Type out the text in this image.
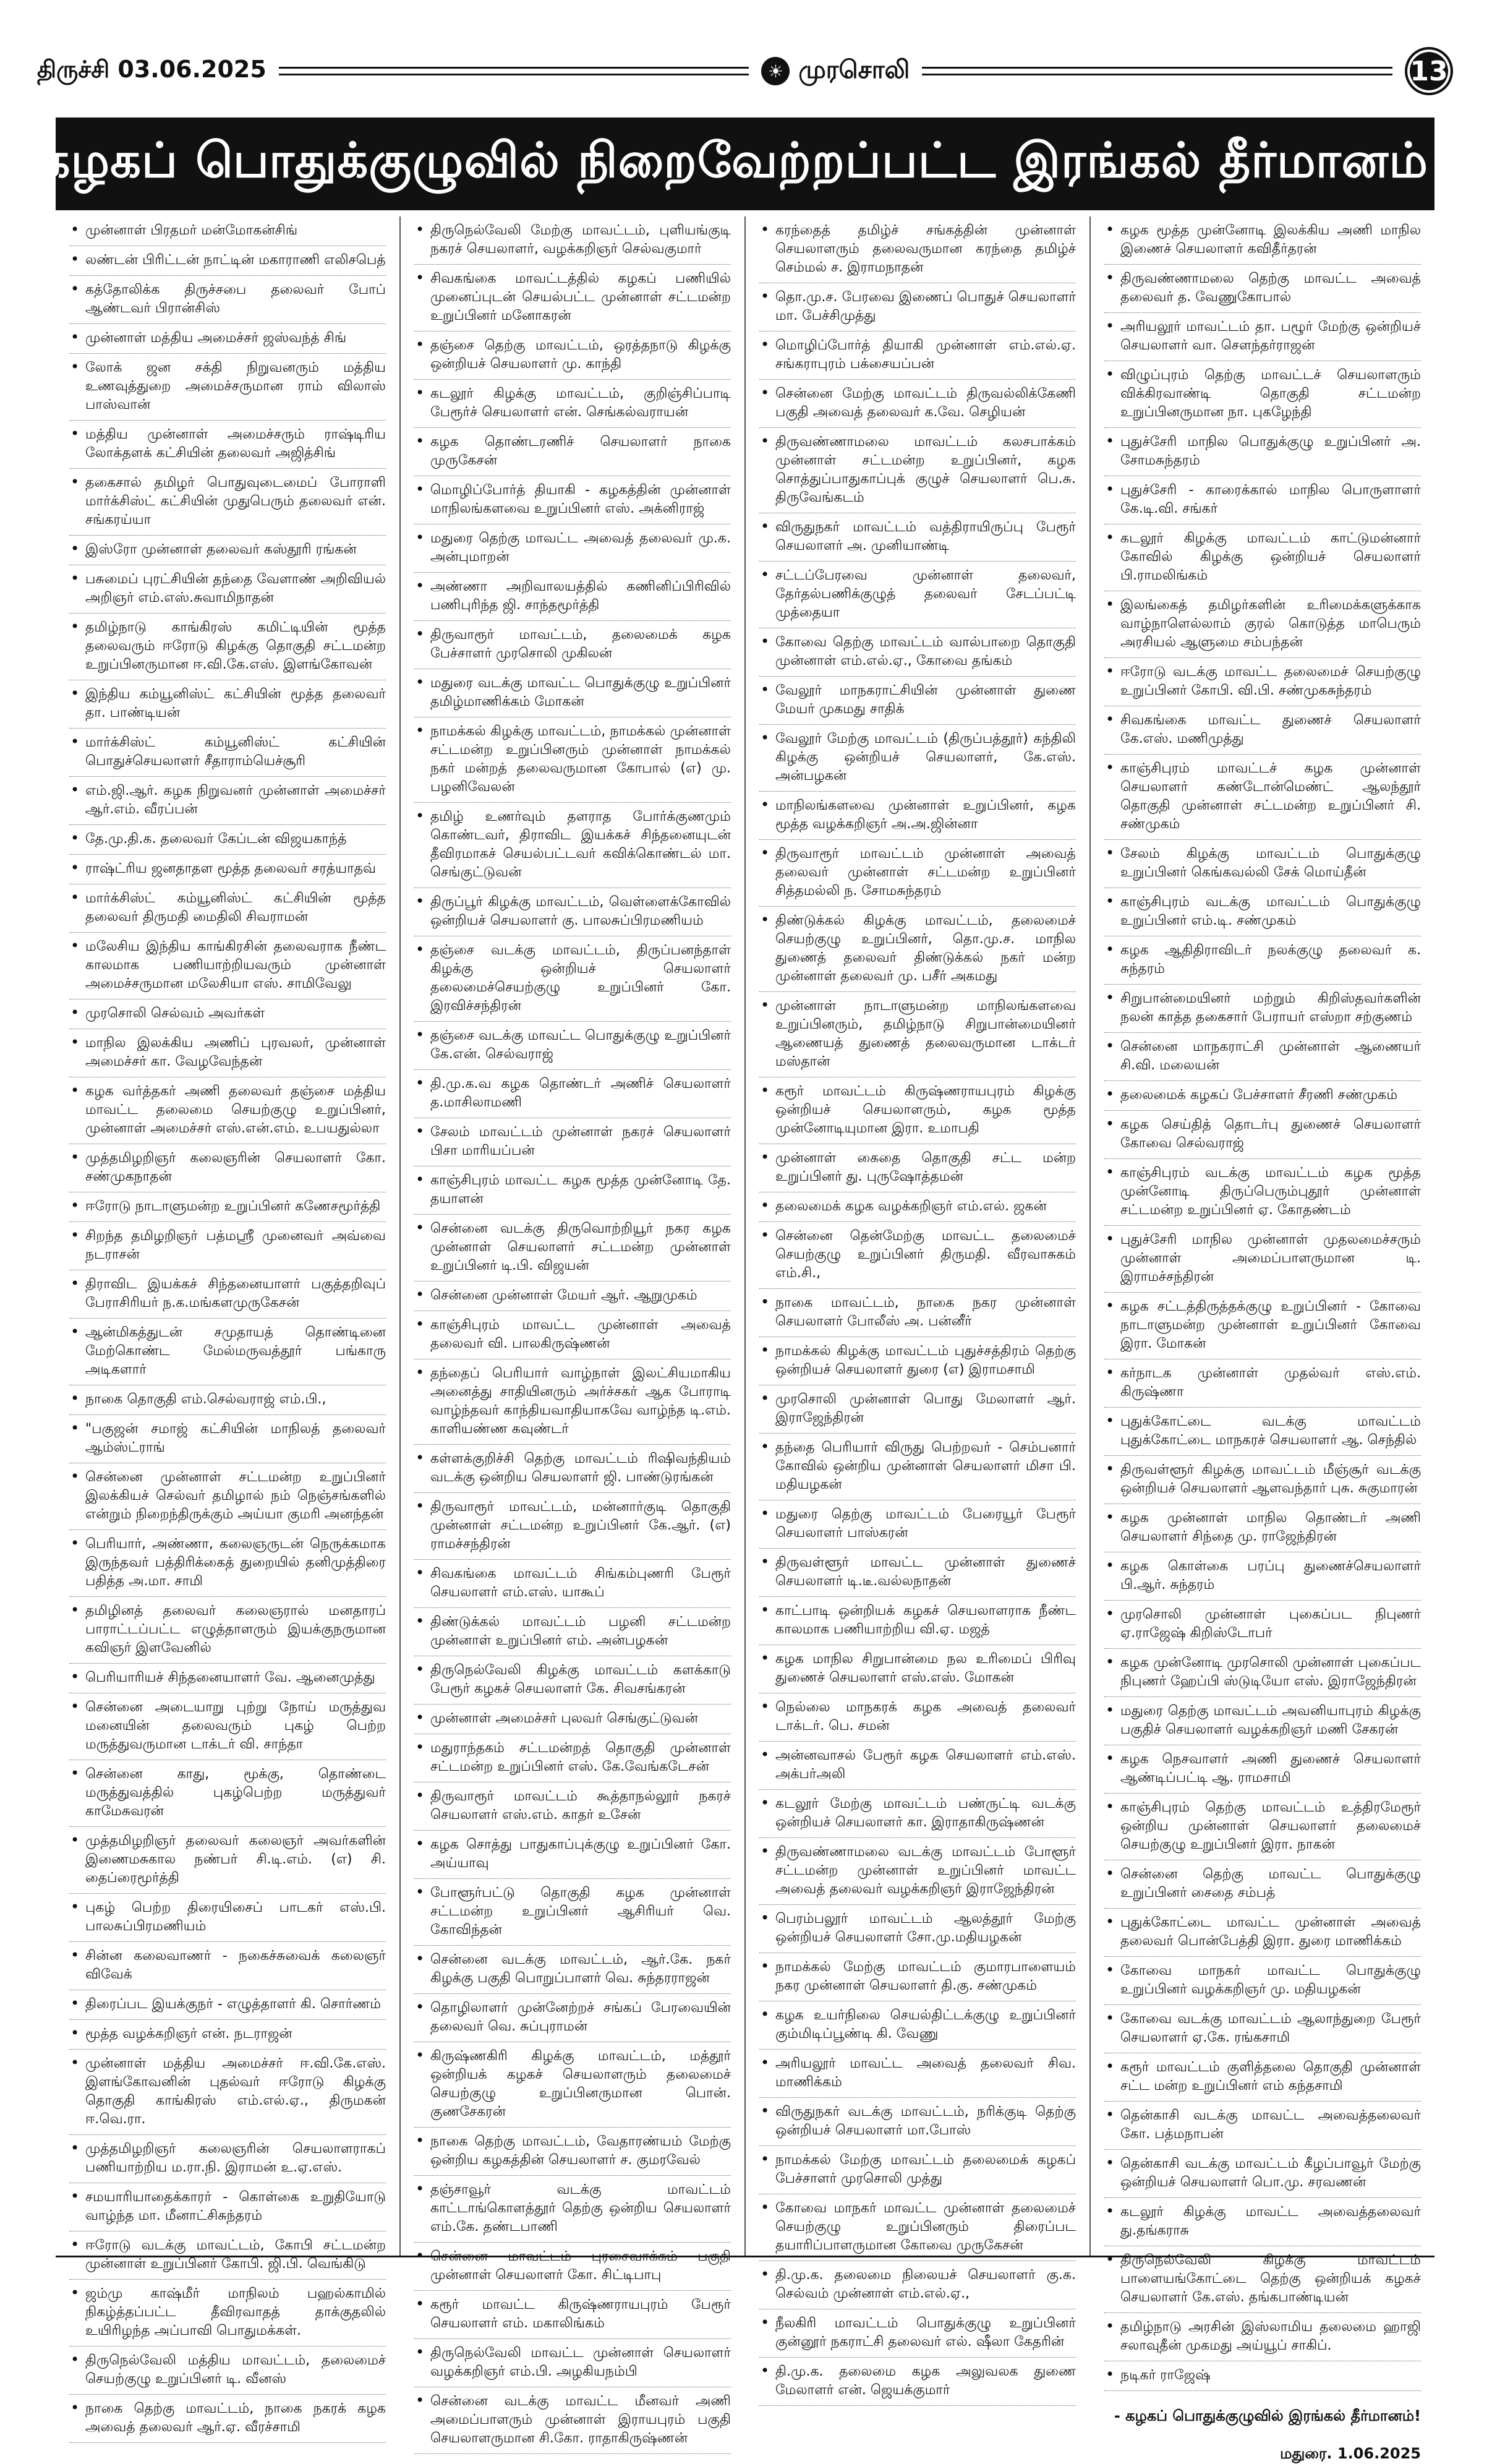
திருச்சி 03.06.2025	☀ முரசொலி	13
கழகப் பொதுக்குழுவில் நிறைவேற்றப்பட்ட இரங்கல் தீர்மானம்!
• முன்னாள் பிரதமர் மன்மோகன்சிங்
• லண்டன் பிரிட்டன் நாட்டின் மகாராணி எலிசபெத்
• கத்தோலிக்க திருச்சபை தலைவர் போப் ஆண்டவர் பிரான்சிஸ்
• முன்னாள் மத்திய அமைச்சர் ஜஸ்வந்த் சிங்
• லோக் ஜன சக்தி நிறுவனரும் மத்திய உணவுத்துறை அமைச்சருமான ராம் விலாஸ் பாஸ்வான்
• மத்திய முன்னாள் அமைச்சரும் ராஷ்டிரிய லோக்தளக் கட்சியின் தலைவர் அஜித்சிங்
• தகைசால் தமிழர் பொதுவுடைமைப் போராளி மார்க்சிஸ்ட் கட்சியின் முதுபெரும் தலைவர் என். சங்கரய்யா
• இஸ்ரோ முன்னாள் தலைவர் கஸ்தூரி ரங்கன்
• பசுமைப் புரட்சியின் தந்தை வேளாண் அறிவியல் அறிஞர் எம்.எஸ்.சுவாமிநாதன்
• தமிழ்நாடு காங்கிரஸ் கமிட்டியின் மூத்த தலைவரும் ஈரோடு கிழக்கு தொகுதி சட்டமன்ற உறுப்பினருமான ஈ.வி.கே.எஸ். இளங்கோவன்
• இந்திய கம்யூனிஸ்ட் கட்சியின் மூத்த தலைவர் தா. பாண்டியன்
• மார்க்சிஸ்ட் கம்யூனிஸ்ட் கட்சியின் பொதுச்செயலாளர் சீதாராம்யெச்சூரி
• எம்.ஜி.ஆர். கழக நிறுவனர் முன்னாள் அமைச்சர் ஆர்.எம். வீரப்பன்
• தே.மு.தி.க. தலைவர் கேப்டன் விஜயகாந்த்
• ராஷ்ட்ரிய ஜனதாதள மூத்த தலைவர் சரத்யாதவ்
• மார்க்சிஸ்ட் கம்யூனிஸ்ட் கட்சியின் மூத்த தலைவர் திருமதி மைதிலி சிவராமன்
• மலேசிய இந்திய காங்கிரசின் தலைவராக நீண்ட காலமாக பணியாற்றியவரும் முன்னாள் அமைச்சருமான மலேசியா எஸ். சாமிவேலு
• முரசொலி செல்வம் அவர்கள்
• மாநில இலக்கிய அணிப் புரவலர், முன்னாள் அமைச்சர் கா. வேழவேந்தன்
• கழக வர்த்தகர் அணி தலைவர் தஞ்சை மத்திய மாவட்ட தலைமை செயற்குழு உறுப்பினர், முன்னாள் அமைச்சர் எஸ்.என்.எம். உபயதுல்லா
• முத்தமிழறிஞர் கலைஞரின் செயலாளர் கோ. சண்முகநாதன்
• ஈரோடு நாடாளுமன்ற உறுப்பினர் கணேசமூர்த்தி
• சிறந்த தமிழறிஞர் பத்மஸ்ரீ முனைவர் அவ்வை நடராசன்
• திராவிட இயக்கச் சிந்தனையாளர் பகுத்தறிவுப் பேராசிரியர் ந.க.மங்களமுருகேசன்
• ஆன்மிகத்துடன் சமுதாயத் தொண்டினை மேற்கொண்ட மேல்மருவத்தூர் பங்காரு அடிகளார்
• நாகை தொகுதி எம்.செல்வராஜ் எம்.பி.,
• "பகுஜன் சமாஜ் கட்சியின் மாநிலத் தலைவர் ஆம்ஸ்ட்ராங்
• சென்னை முன்னாள் சட்டமன்ற உறுப்பினர் இலக்கியச் செல்வர் தமிழால் நம் நெஞ்சங்களில் என்றும் நிறைந்திருக்கும் அய்யா குமரி அனந்தன்
• பெரியார், அண்ணா, கலைஞருடன் நெருக்கமாக இருந்தவர் பத்திரிக்கைத் துறையில் தனிமுத்திரை பதித்த அ.மா. சாமி
• தமிழினத் தலைவர் கலைஞரால் மனதாரப் பாராட்டப்பட்ட எழுத்தாளரும் இயக்குநருமான கவிஞர் இளவேனில்
• பெரியாரியச் சிந்தனையாளர் வே. ஆனைமுத்து
• சென்னை அடையாறு புற்று நோய் மருத்துவ மனையின் தலைவரும் புகழ் பெற்ற மருத்துவருமான டாக்டர் வி. சாந்தா
• சென்னை காது, மூக்கு, தொண்டை மருத்துவத்தில் புகழ்பெற்ற மருத்துவர் காமேசுவரன்
• முத்தமிழறிஞர் தலைவர் கலைஞர் அவர்களின் இணைமசுகால நண்பர் சி.டி.எம். (எ) சி. தைப்ரைமூர்த்தி
• புகழ் பெற்ற திரையிசைப் பாடகர் எஸ்.பி. பாலசுப்பிரமணியம்
• சின்ன கலைவாணர் - நகைச்சுவைக் கலைஞர் விவேக்
• திரைப்பட இயக்குநர் - எழுத்தாளர் கி. சொர்ணம்
• மூத்த வழக்கறிஞர் என். நடராஜன்
• முன்னாள் மத்திய அமைச்சர் ஈ.வி.கே.எஸ். இளங்கோவனின் புதல்வர் ஈரோடு கிழக்கு தொகுதி காங்கிரஸ் எம்.எல்.ஏ., திருமகன் ஈ.வெ.ரா.
• முத்தமிழறிஞர் கலைஞரின் செயலாளராகப் பணியாற்றிய ம.ரா.நி. இராமன் உ.ஏ.எஸ்.
• சமயாரியாதைக்காரர் - கொள்கை உறுதியோடு வாழ்ந்த மா. மீனாட்சிசுந்தரம்
• ஈரோடு வடக்கு மாவட்டம், கோபி சட்டமன்ற முன்னாள் உறுப்பினர் கோபி. ஜி.பி. வெங்கிடு
• ஜம்மு காஷ்மீர் மாநிலம் பஹல்காமில் நிகழ்த்தப்பட்ட தீவிரவாதத் தாக்குதலில் உயிரிழந்த அப்பாவி பொதுமக்கள்.
• திருநெல்வேலி மத்திய மாவட்டம், தலைமைச் செயற்குழு உறுப்பினர் டி. வீனஸ்
• நாகை தெற்கு மாவட்டம், நாகை நகரக் கழக அவைத் தலைவர் ஆர்.ஏ. வீரச்சாமி
• திருநெல்வேலி மேற்கு மாவட்டம், புளியங்குடி நகரச் செயலாளர், வழக்கறிஞர் செல்வகுமார்
• சிவகங்கை மாவட்டத்தில் கழகப் பணியில் முனைப்புடன் செயல்பட்ட முன்னாள் சட்டமன்ற உறுப்பினர் மனோகரன்
• தஞ்சை தெற்கு மாவட்டம், ஒரத்தநாடு கிழக்கு ஒன்றியச் செயலாளர் மு. காந்தி
• கடலூர் கிழக்கு மாவட்டம், குறிஞ்சிப்பாடி பேரூர்ச் செயலாளர் என். செங்கல்வராயன்
• கழக தொண்டரணிச் செயலாளர் நாகை முருகேசன்
• மொழிப்போர்த் தியாகி - கழகத்தின் முன்னாள் மாநிலங்களவை உறுப்பினர் எஸ். அக்னிராஜ்
• மதுரை தெற்கு மாவட்ட அவைத் தலைவர் மு.க. அன்புமாறன்
• அண்ணா அறிவாலயத்தில் கணினிப்பிரிவில் பணிபுரிந்த ஜி. சாந்தமூர்த்தி
• திருவாரூர் மாவட்டம், தலைமைக் கழக பேச்சாளர் முரசொலி முகிலன்
• மதுரை வடக்கு மாவட்ட பொதுக்குழு உறுப்பினர் தமிழ்மாணிக்கம் மோகன்
• நாமக்கல் கிழக்கு மாவட்டம், நாமக்கல் முன்னாள் சட்டமன்ற உறுப்பினரும் முன்னாள் நாமக்கல் நகர் மன்றத் தலைவருமான கோபால் (எ) மு. பழனிவேலன்
• தமிழ் உணர்வும் தளராத போர்க்குணமும் கொண்டவர், திராவிட இயக்கச் சிந்தனையுடன் தீவிரமாகச் செயல்பட்டவர் கவிக்கொண்டல் மா. செங்குட்டுவன்
• திருப்பூர் கிழக்கு மாவட்டம், வெள்ளைக்கோவில் ஒன்றியச் செயலாளர் கு. பாலசுப்பிரமணியம்
• தஞ்சை வடக்கு மாவட்டம், திருப்பனந்தாள் கிழக்கு ஒன்றியச் செயலாளர் தலைமைச்செயற்குழு உறுப்பினர் கோ. இரவிச்சந்திரன்
• தஞ்சை வடக்கு மாவட்ட பொதுக்குழு உறுப்பினர் கே.என். செல்வராஜ்
• தி.மு.க.வ கழக தொண்டர் அணிச் செயலாளர் த.மாசிலாமணி
• சேலம் மாவட்டம் முன்னாள் நகரச் செயலாளர் பிசா மாரியப்பன்
• காஞ்சிபுரம் மாவட்ட கழக மூத்த முன்னோடி தே. தயாளன்
• சென்னை வடக்கு திருவொற்றியூர் நகர கழக முன்னாள் செயலாளர் சட்டமன்ற முன்னாள் உறுப்பினர் டி.பி. விஜயன்
• சென்னை முன்னாள் மேயர் ஆர். ஆறுமுகம்
• காஞ்சிபுரம் மாவட்ட முன்னாள் அவைத் தலைவர் வி. பாலகிருஷ்ணன்
• தந்தைப் பெரியார் வாழ்நாள் இலட்சியமாகிய அனைத்து சாதியினரும் அர்ச்சகர் ஆக போராடி வாழ்ந்தவர் காந்தியவாதியாகவே வாழ்ந்த டி.எம். காளியண்ண கவுண்டர்
• கள்ளக்குறிச்சி தெற்கு மாவட்டம் ரிஷிவந்தியம் வடக்கு ஒன்றிய செயலாளர் ஜி. பாண்டுரங்கன்
• திருவாரூர் மாவட்டம், மன்னார்குடி தொகுதி முன்னாள் சட்டமன்ற உறுப்பினர் கே.ஆர். (எ) ராமச்சந்திரன்
• சிவகங்கை மாவட்டம் சிங்கம்புணரி பேரூர் செயலாளர் எம்.எஸ். யாகூப்
• திண்டுக்கல் மாவட்டம் பழனி சட்டமன்ற முன்னாள் உறுப்பினர் எம். அன்பழகன்
• திருநெல்வேலி கிழக்கு மாவட்டம் களக்காடு பேரூர் கழகச் செயலாளர் கே. சிவசங்கரன்
• முன்னாள் அமைச்சர் புலவர் செங்குட்டுவன்
• மதுராந்தகம் சட்டமன்றத் தொகுதி முன்னாள் சட்டமன்ற உறுப்பினர் எஸ். கே.வேங்கடேசன்
• திருவாரூர் மாவட்டம் கூத்தாநல்லூர் நகரச் செயலாளர் எஸ்.எம். காதர் உசேன்
• கழக சொத்து பாதுகாப்புக்குழு உறுப்பினர் கோ. அய்யாவு
• போளூர்பட்டு தொகுதி கழக முன்னாள் சட்டமன்ற உறுப்பினர் ஆசிரியர் வெ. கோவிந்தன்
• சென்னை வடக்கு மாவட்டம், ஆர்.கே. நகர் கிழக்கு பகுதி பொறுப்பாளர் வெ. சுந்தரராஜன்
• தொழிலாளர் முன்னேற்றச் சங்கப் பேரவையின் தலைவர் வெ. சுப்புராமன்
• கிருஷ்ணகிரி கிழக்கு மாவட்டம், மத்தூர் ஒன்றியக் கழகச் செயலாளரும் தலைமைச் செயற்குழு உறுப்பினருமான பொன். குணசேகரன்
• நாகை தெற்கு மாவட்டம், வேதாரண்யம் மேற்கு ஒன்றிய கழகத்தின் செயலாளர் ச. குமரவேல்
• தஞ்சாவூர் வடக்கு மாவட்டம் காட்டாங்கொளத்தூர் தெற்கு ஒன்றிய செயலாளர் எம்.கே. தண்டபாணி
• சென்னை மாவட்டம் புரசைவாக்கம் பகுதி முன்னாள் செயலாளர் கோ. சிட்டிபாபு
• கரூர் மாவட்ட கிருஷ்ணராயபுரம் பேரூர் செயலாளர் எம். மகாலிங்கம்
• திருநெல்வேலி மாவட்ட முன்னாள் செயலாளர் வழக்கறிஞர் எம்.பி. அழகியநம்பி
• சென்னை வடக்கு மாவட்ட மீனவர் அணி அமைப்பாளரும் முன்னாள் இராயபுரம் பகுதி செயலாளருமான சி.கோ. ராதாகிருஷ்ணன்
• கரந்தைத் தமிழ்ச் சங்கத்தின் முன்னாள் செயலாளரும் தலைவருமான கரந்தை தமிழ்ச் செம்மல் ச. இராமநாதன்
• தொ.மு.ச. பேரவை இணைப் பொதுச் செயலாளர் மா. பேச்சிமுத்து
• மொழிப்போர்த் தியாகி முன்னாள் எம்.எல்.ஏ. சங்கராபுரம் பக்சையப்பன்
• சென்னை மேற்கு மாவட்டம் திருவல்லிக்கேணி பகுதி அவைத் தலைவர் க.வே. செழியன்
• திருவண்ணாமலை மாவட்டம் கலசபாக்கம் முன்னாள் சட்டமன்ற உறுப்பினர், கழக சொத்துப்பாதுகாப்புக் குழுச் செயலாளர் பெ.சு. திருவேங்கடம்
• விருதுநகர் மாவட்டம் வத்திராயிருப்பு பேரூர் செயலாளர் அ. முனியாண்டி
• சட்டப்பேரவை முன்னாள் தலைவர், தேர்தல்பணிக்குழுத் தலைவர் சேடப்பட்டி முத்தையா
• கோவை தெற்கு மாவட்டம் வால்பாறை தொகுதி முன்னாள் எம்.எல்.ஏ., கோவை தங்கம்
• வேலூர் மாநகராட்சியின் முன்னாள் துணை மேயர் முகமது சாதிக்
• வேலூர் மேற்கு மாவட்டம் (திருப்பத்தூர்) கந்திலி கிழக்கு ஒன்றியச் செயலாளர், கே.எஸ். அன்பழகன்
• மாநிலங்களவை முன்னாள் உறுப்பினர், கழக மூத்த வழக்கறிஞர் அ.அ.ஜின்னா
• திருவாரூர் மாவட்டம் முன்னாள் அவைத் தலைவர் முன்னாள் சட்டமன்ற உறுப்பினர் சித்தமல்லி ந. சோமசுந்தரம்
• திண்டுக்கல் கிழக்கு மாவட்டம், தலைமைச் செயற்குழு உறுப்பினர், தொ.மு.ச. மாநில துணைத் தலைவர் திண்டுக்கல் நகர் மன்ற முன்னாள் தலைவர் மு. பசீர் அகமது
• முன்னாள் நாடாளுமன்ற மாநிலங்களவை உறுப்பினரும், தமிழ்நாடு சிறுபான்மையினர் ஆணையத் துணைத் தலைவருமான டாக்டர் மஸ்தான்
• கரூர் மாவட்டம் கிருஷ்ணராயபுரம் கிழக்கு ஒன்றியச் செயலாளரும், கழக மூத்த முன்னோடியுமான இரா. உமாபதி
• முன்னாள் கைதை தொகுதி சட்ட மன்ற உறுப்பினர் து. புருஷோத்தமன்
• தலைமைக் கழக வழக்கறிஞர் எம்.எல். ஜகன்
• சென்னை தென்மேற்கு மாவட்ட தலைமைச் செயற்குழு உறுப்பினர் திருமதி. வீரவாசுகம் எம்.சி.,
• நாகை மாவட்டம், நாகை நகர முன்னாள் செயலாளர் போலீஸ் அ. பன்னீர்
• நாமக்கல் கிழக்கு மாவட்டம் புதுச்சத்திரம் தெற்கு ஒன்றியச் செயலாளர் துரை (எ) இராமசாமி
• முரசொலி முன்னாள் பொது மேலாளர் ஆர். இராஜேந்திரன்
• தந்தை பெரியார் விருது பெற்றவர் - செம்பனார் கோவில் ஒன்றிய முன்னாள் செயலாளர் மிசா பி. மதியழகன்
• மதுரை தெற்கு மாவட்டம் பேரையூர் பேரூர் செயலாளர் பாஸ்கரன்
• திருவள்ளூர் மாவட்ட முன்னாள் துணைச் செயலாளர் டி.டீ.வல்லநாதன்
• காட்பாடி ஒன்றியக் கழகச் செயலாளராக நீண்ட காலமாக பணியாற்றிய வி.ஏ. மஜத்
• கழக மாநில சிறுபான்மை நல உரிமைப் பிரிவு துணைச் செயலாளர் எஸ்.எஸ். மோகன்
• நெல்லை மாநகரக் கழக அவைத் தலைவர் டாக்டர். பெ. சமன்
• அன்னவாசல் பேரூர் கழக செயலாளர் எம்.எஸ். அக்பர்அலி
• கடலூர் மேற்கு மாவட்டம் பண்ருட்டி வடக்கு ஒன்றியச் செயலாளர் கா. இராதாகிருஷ்ணன்
• திருவண்ணாமலை வடக்கு மாவட்டம் போளூர் சட்டமன்ற முன்னாள் உறுப்பினர் மாவட்ட அவைத் தலைவர் வழக்கறிஞர் இராஜேந்திரன்
• பெரம்பலூர் மாவட்டம் ஆலத்தூர் மேற்கு ஒன்றியச் செயலாளர் சோ.மு.மதியழகன்
• நாமக்கல் மேற்கு மாவட்டம் குமாரபாளையம் நகர முன்னாள் செயலாளர் தி.கு. சண்முகம்
• கழக உயர்நிலை செயல்திட்டக்குழு உறுப்பினர் கும்மிடிப்பூண்டி கி. வேணு
• அரியலூர் மாவட்ட அவைத் தலைவர் சிவ. மாணிக்கம்
• விருதுநகர் வடக்கு மாவட்டம், நரிக்குடி தெற்கு ஒன்றியச் செயலாளர் மா.போஸ்
• நாமக்கல் மேற்கு மாவட்டம் தலைமைக் கழகப் பேச்சாளர் முரசொலி முத்து
• கோவை மாநகர் மாவட்ட முன்னாள் தலைமைச் செயற்குழு உறுப்பினரும் திரைப்பட தயாரிப்பாளருமான கோவை முருகேசன்
• தி.மு.க. தலைமை நிலையச் செயலாளர் கு.க. செல்வம் முன்னாள் எம்.எல்.ஏ.,
• நீலகிரி மாவட்டம் பொதுக்குழு உறுப்பினர் குன்னூர் நகராட்சி தலைவர் எல். ஷீலா கேதரின்
• தி.மு.க. தலைமை கழக அலுவலக துணை மேலாளர் என். ஜெயக்குமார்
• கழக மூத்த முன்னோடி இலக்கிய அணி மாநில இணைச் செயலாளர் கவிதீர்தரன்
• திருவண்ணாமலை தெற்கு மாவட்ட அவைத் தலைவர் த. வேணுகோபால்
• அரியலூர் மாவட்டம் தா. பழூர் மேற்கு ஒன்றியச் செயலாளர் வா. செளந்தர்ராஜன்
• விழுப்புரம் தெற்கு மாவட்டச் செயலாளரும் விக்கிரவாண்டி தொகுதி சட்டமன்ற உறுப்பினருமான நா. புகழேந்தி
• புதுச்சேரி மாநில பொதுக்குழு உறுப்பினர் அ. சோமசுந்தரம்
• புதுச்சேரி - காரைக்கால் மாநில பொருளாளர் கே.டி.வி. சங்கர்
• கடலூர் கிழக்கு மாவட்டம் காட்டுமன்னார் கோவில் கிழக்கு ஒன்றியச் செயலாளர் பி.ராமலிங்கம்
• இலங்கைத் தமிழர்களின் உரிமைக்களுக்காக வாழ்நாளெல்லாம் குரல் கொடுத்த மாபெரும் அரசியல் ஆளுமை சம்பந்தன்
• ஈரோடு வடக்கு மாவட்ட தலைமைச் செயற்குழு உறுப்பினர் கோபி. வி.பி. சண்முகசுந்தரம்
• சிவகங்கை மாவட்ட துணைச் செயலாளர் கே.எஸ். மணிமுத்து
• காஞ்சிபுரம் மாவட்டச் கழக முன்னாள் செயலாளர் கண்டோன்மெண்ட் ஆலந்தூர் தொகுதி முன்னாள் சட்டமன்ற உறுப்பினர் சி. சண்முகம்
• சேலம் கிழக்கு மாவட்டம் பொதுக்குழு உறுப்பினர் கெங்கவல்லி சேக் மொய்தீன்
• காஞ்சிபுரம் வடக்கு மாவட்டம் பொதுக்குழு உறுப்பினர் எம்.டி. சண்முகம்
• கழக ஆதிதிராவிடர் நலக்குழு தலைவர் க. சுந்தரம்
• சிறுபான்மையினர் மற்றும் கிறிஸ்தவர்களின் நலன் காத்த தகைசார் பேராயர் எஸ்றா சற்குணம்
• சென்னை மாநகராட்சி முன்னாள் ஆணையர் சி.வி. மலையன்
• தலைமைக் கழகப் பேச்சாளர் சீரணி சண்முகம்
• கழக செய்தித் தொடர்பு துணைச் செயலாளர் கோவை செல்வராஜ்
• காஞ்சிபுரம் வடக்கு மாவட்டம் கழக மூத்த முன்னோடி திருப்பெரும்புதூர் முன்னாள் சட்டமன்ற உறுப்பினர் ஏ. கோதண்டம்
• புதுச்சேரி மாநில முன்னாள் முதலமைச்சரும் முன்னாள் அமைப்பாளருமான டி. இராமச்சந்திரன்
• கழக சட்டத்திருத்தக்குழு உறுப்பினர் - கோவை நாடாளுமன்ற முன்னாள் உறுப்பினர் கோவை இரா. மோகன்
• கர்நாடக முன்னாள் முதல்வர் எஸ்.எம். கிருஷ்ணா
• புதுக்கோட்டை வடக்கு மாவட்டம் புதுக்கோட்டை மாநகரச் செயலாளர் ஆ. செந்தில்
• திருவள்ளூர் கிழக்கு மாவட்டம் மீஞ்சூர் வடக்கு ஒன்றியச் செயலாளர் ஆளவந்தார் புசு. சுகுமாரன்
• கழக முன்னாள் மாநில தொண்டர் அணி செயலாளர் சிந்தை மு. ராஜேந்திரன்
• கழக கொள்கை பரப்பு துணைச்செயலாளர் பி.ஆர். சுந்தரம்
• முரசொலி முன்னாள் புகைப்பட நிபுணர் ஏ.ராஜேஷ் கிறிஸ்டோபர்
• கழக முன்னோடி முரசொலி முன்னாள் புகைப்பட நிபுணர் ஹேப்பி ஸ்டுடியோ எஸ். இராஜேந்திரன்
• மதுரை தெற்கு மாவட்டம் அவனியாபுரம் கிழக்கு பகுதிச் செயலாளர் வழக்கறிஞர் மணி சேகரன்
• கழக நெசவாளர் அணி துணைச் செயலாளர் ஆண்டிப்பட்டி ஆ. ராமசாமி
• காஞ்சிபுரம் தெற்கு மாவட்டம் உத்திரமேரூர் ஒன்றிய முன்னாள் செயலாளர் தலைமைச் செயற்குழு உறுப்பினர் இரா. நாகன்
• சென்னை தெற்கு மாவட்ட பொதுக்குழு உறுப்பினர் சைதை சம்பத்
• புதுக்கோட்டை மாவட்ட முன்னாள் அவைத் தலைவர் பொன்பேத்தி இரா. துரை மாணிக்கம்
• கோவை மாநகர் மாவட்ட பொதுக்குழு உறுப்பினர் வழக்கறிஞர் மு. மதியழகன்
• கோவை வடக்கு மாவட்டம் ஆலாந்துறை பேரூர் செயலாளர் ஏ.கே. ரங்கசாமி
• கரூர் மாவட்டம் குளித்தலை தொகுதி முன்னாள் சட்ட மன்ற உறுப்பினர் எம் கந்தசாமி
• தென்காசி வடக்கு மாவட்ட அவைத்தலைவர் கோ. பத்மநாபன்
• தென்காசி வடக்கு மாவட்டம் கீழப்பாவூர் மேற்கு ஒன்றியச் செயலாளர் பொ.மு. சரவணன்
• கடலூர் கிழக்கு மாவட்ட அவைத்தலைவர் து.தங்கராசு
• திருநெல்வேலி கிழக்கு மாவட்டம் பாளையங்கோட்டை தெற்கு ஒன்றியக் கழகச் செயலாளர் கே.எஸ். தங்கபாண்டியன்
• தமிழ்நாடு அரசின் இஸ்லாமிய தலைமை ஹாஜி சலாவுதீன் முகமது அய்யூப் சாகிப்.
• நடிகர் ராஜேஷ்
- கழகப் பொதுக்குழுவில் இரங்கல் தீர்மானம்!
மதுரை. 1.06.2025
